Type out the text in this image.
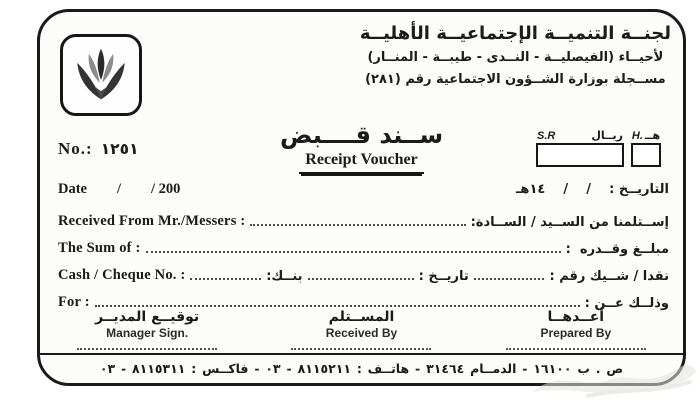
لجنــة التنميــة الإجتماعيــة الأهليــة
لأحيــاء (الفيصليــة - النــدى - طيبــة - المنــار)
مســجلة بوزارة الشــؤون الاجتماعية رقم (٢٨١)
No.: ١٢٥١	ســند قــــبض
Receipt Voucher
S.R	ريــال H. هــ
Date / / 200	التاريــخ :    /    /    ١٤هـ
Received From Mr./Messers :	إســتلمنا من الســيد / الســادة:
The Sum of :	مبلــغ وقــدره  :
Cash / Cheque No. :	بنــك:	تاريــخ :	نقدا / شــيك رقم :
For :	وذلــك عــن :
توقيــع المديــر
Manager Sign.
المســتلم
Received By
أعــدهــا
Prepared By
ص . ب ١٦١٠٠ - الدمــام ٣١٤٦٤ - هاتــف : ٨١١٥٢١١ - ٠٣ - فاكــس : ٨١١٥٣١١ - ٠٣
